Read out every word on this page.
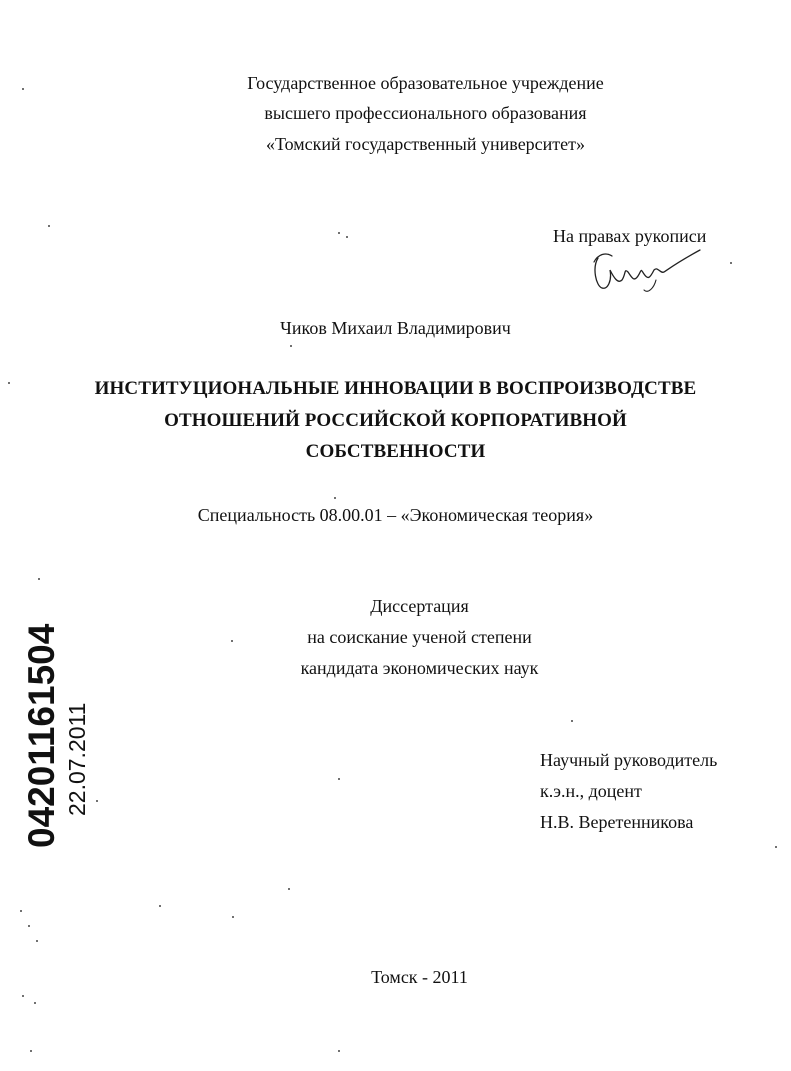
Государственное образовательное учреждение
высшего профессионального образования
«Томский государственный университет»
На правах рукописи
Чиков Михаил Владимирович
ИНСТИТУЦИОНАЛЬНЫЕ ИННОВАЦИИ В ВОСПРОИЗВОДСТВЕ
ОТНОШЕНИЙ РОССИЙСКОЙ КОРПОРАТИВНОЙ
СОБСТВЕННОСТИ
Специальность 08.00.01 – «Экономическая теория»
Диссертация
на соискание ученой степени
кандидата экономических наук
Научный руководитель
к.э.н., доцент
Н.В. Веретенникова
Томск - 2011
04201161504 22.07.2011
